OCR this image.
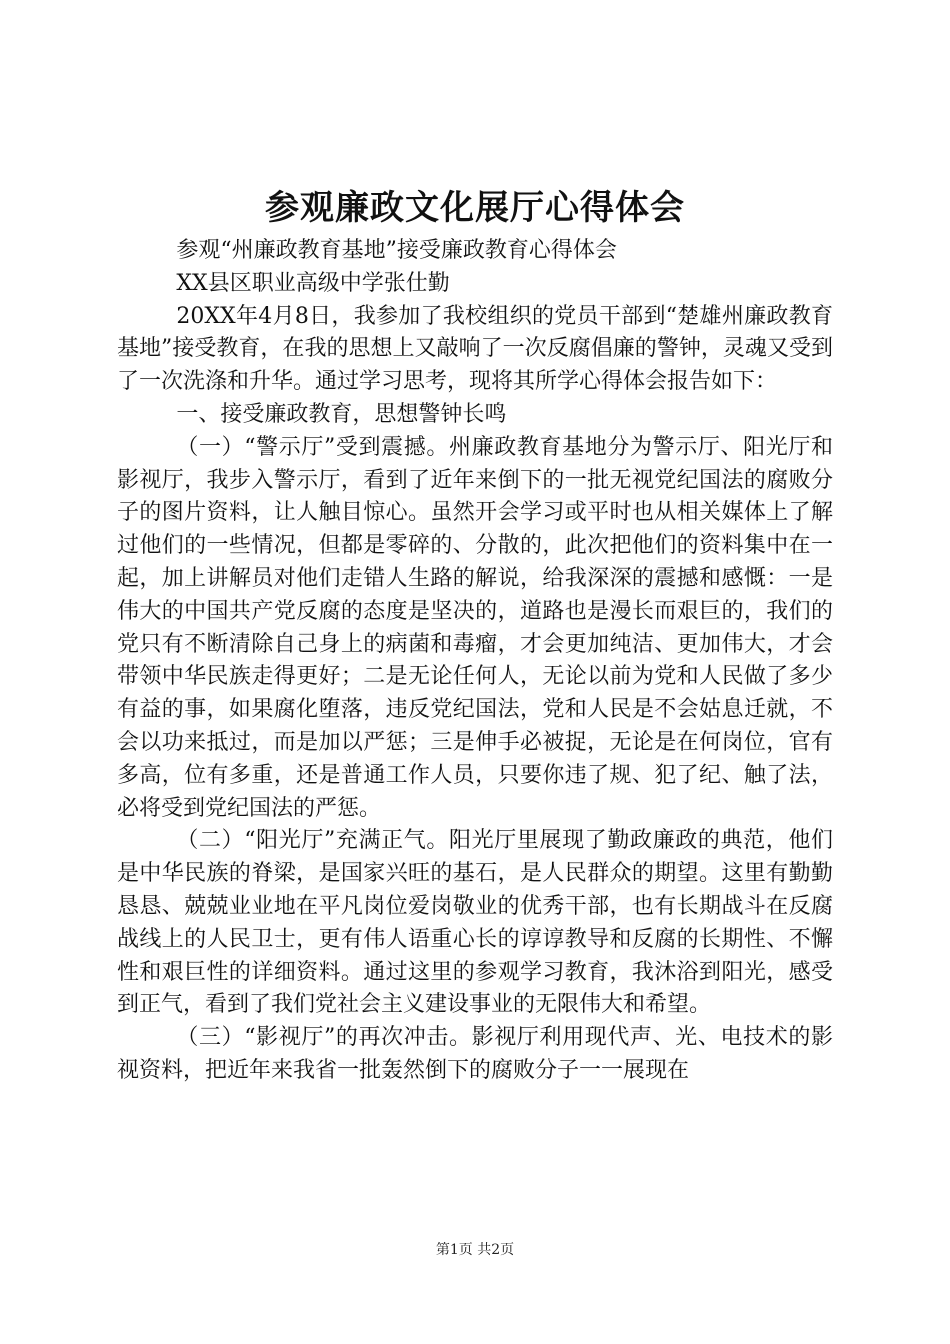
参观廉政文化展厅心得体会

参观“州廉政教育基地”接受廉政教育心得体会

XX县区职业高级中学张仕勤

20XX年4月8日，我参加了我校组织的党员干部到“楚雄州廉政教育基地”接受教育，在我的思想上又敲响了一次反腐倡廉的警钟，灵魂又受到了一次洗涤和升华。通过学习思考，现将其所学心得体会报告如下：

一、接受廉政教育，思想警钟长鸣

（一）“警示厅”受到震撼。州廉政教育基地分为警示厅、阳光厅和影视厅，我步入警示厅，看到了近年来倒下的一批无视党纪国法的腐败分子的图片资料，让人触目惊心。虽然开会学习或平时也从相关媒体上了解过他们的一些情况，但都是零碎的、分散的，此次把他们的资料集中在一起，加上讲解员对他们走错人生路的解说，给我深深的震撼和感慨：一是伟大的中国共产党反腐的态度是坚决的，道路也是漫长而艰巨的，我们的党只有不断清除自己身上的病菌和毒瘤，才会更加纯洁、更加伟大，才会带领中华民族走得更好；二是无论任何人，无论以前为党和人民做了多少有益的事，如果腐化堕落，违反党纪国法，党和人民是不会姑息迁就，不会以功来抵过，而是加以严惩；三是伸手必被捉，无论是在何岗位，官有多高，位有多重，还是普通工作人员，只要你违了规、犯了纪、触了法，必将受到党纪国法的严惩。

（二）“阳光厅”充满正气。阳光厅里展现了勤政廉政的典范，他们是中华民族的脊梁，是国家兴旺的基石，是人民群众的期望。这里有勤勤恳恳、兢兢业业地在平凡岗位爱岗敬业的优秀干部，也有长期战斗在反腐战线上的人民卫士，更有伟人语重心长的谆谆教导和反腐的长期性、不懈性和艰巨性的详细资料。通过这里的参观学习教育，我沐浴到阳光，感受到正气，看到了我们党社会主义建设事业的无限伟大和希望。

（三）“影视厅”的再次冲击。影视厅利用现代声、光、电技术的影视资料，把近年来我省一批轰然倒下的腐败分子一一展现在

第1页 共2页
